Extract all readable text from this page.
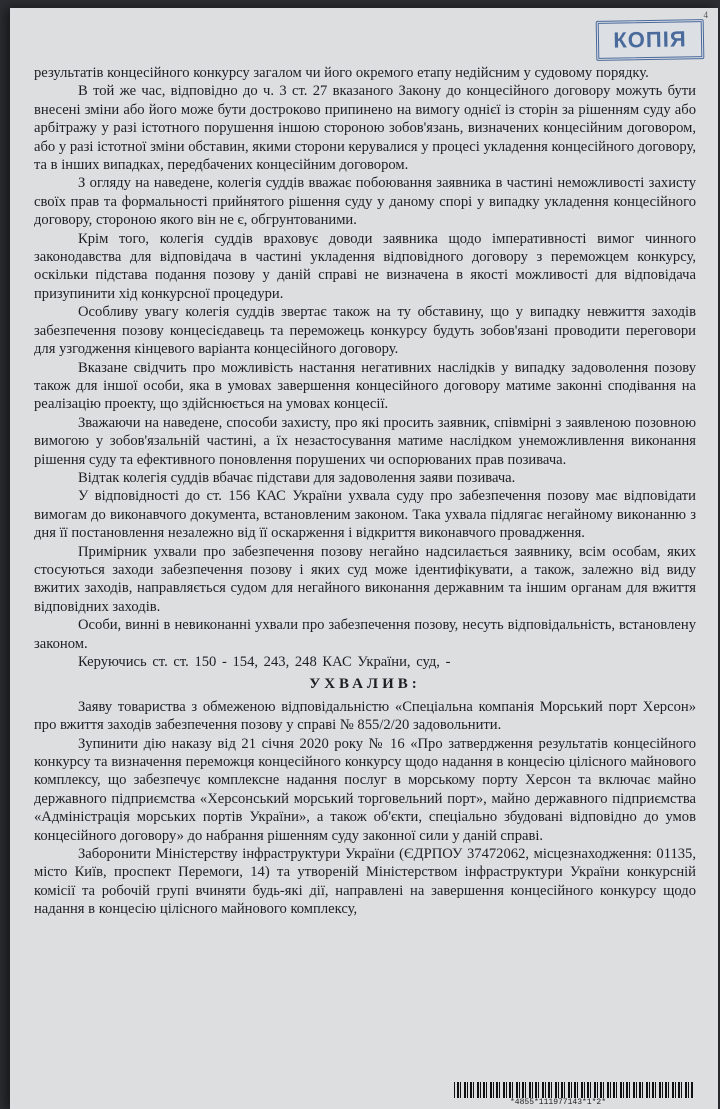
4
КОПІЯ

результатів концесійного конкурсу загалом чи його окремого етапу недійсним у судовому порядку.

В той же час, відповідно до ч. 3 ст. 27 вказаного Закону до концесійного договору можуть бути внесені зміни або його може бути достроково припинено на вимогу однієї із сторін за рішенням суду або арбітражу у разі істотного порушення іншою стороною зобов'язань, визначених концесійним договором, або у разі істотної зміни обставин, якими сторони керувалися у процесі укладення концесійного договору, та в інших випадках, передбачених концесійним договором.

З огляду на наведене, колегія суддів вважає побоювання заявника в частині неможливості захисту своїх прав та формальності прийнятого рішення суду у даному спорі у випадку укладення концесійного договору, стороною якого він не є, обгрунтованими.

Крім того, колегія суддів враховує доводи заявника щодо імперативності вимог чинного законодавства для відповідача в частині укладення відповідного договору з переможцем конкурсу, оскільки підстава подання позову у даній справі не визначена в якості можливості для відповідача призупинити хід конкурсної процедури.

Особливу увагу колегія суддів звертає також на ту обставину, що у випадку невжиття заходів забезпечення позову концесієдавець та переможець конкурсу будуть зобов'язані проводити переговори для узгодження кінцевого варіанта концесійного договору.

Вказане свідчить про можливість настання негативних наслідків у випадку задоволення позову також для іншої особи, яка в умовах завершення концесійного договору матиме законні сподівання на реалізацію проекту, що здійснюється на умовах концесії.

Зважаючи на наведене, способи захисту, про які просить заявник, співмірні з заявленою позовною вимогою у зобов'язальній частині, а їх незастосування матиме наслідком унеможливлення виконання рішення суду та ефективного поновлення порушених чи оспорюваних прав позивача.

Відтак колегія суддів вбачає підстави для задоволення заяви позивача.

У відповідності до ст. 156 КАС України ухвала суду про забезпечення позову має відповідати вимогам до виконавчого документа, встановленим законом. Така ухвала підлягає негайному виконанню з дня її постановлення незалежно від її оскарження і відкриття виконавчого провадження.

Примірник ухвали про забезпечення позову негайно надсилається заявнику, всім особам, яких стосуються заходи забезпечення позову і яких суд може ідентифікувати, а також, залежно від виду вжитих заходів, направляється судом для негайного виконання державним та іншим органам для вжиття відповідних заходів.

Особи, винні в невиконанні ухвали про забезпечення позову, несуть відповідальність, встановлену законом.

Керуючись ст. ст. 150 - 154, 243, 248 КАС України, суд, -

УХВАЛИВ:

Заяву товариства з обмеженою відповідальністю «Спеціальна компанія Морський порт Херсон» про вжиття заходів забезпечення позову у справі № 855/2/20 задовольнити.

Зупинити дію наказу від 21 січня 2020 року № 16 «Про затвердження результатів концесійного конкурсу та визначення переможця концесійного конкурсу щодо надання в концесію цілісного майнового комплексу, що забезпечує комплексне надання послуг в морському порту Херсон та включає майно державного підприємства «Херсонський морський торговельний порт», майно державного підприємства «Адміністрація морських портів України», а також об'єкти, спеціально збудовані відповідно до умов концесійного договору» до набрання рішенням суду законної сили у даній справі.

Заборонити Міністерству інфраструктури України (ЄДРПОУ 37472062, місцезнаходження: 01135, місто Київ, проспект Перемоги, 14) та утвореній Міністерством інфраструктури України конкурсній комісії та робочій групі вчиняти будь-які дії, направлені на завершення концесійного конкурсу щодо надання в концесію цілісного майнового комплексу,

*4855*111977143*1*2*
